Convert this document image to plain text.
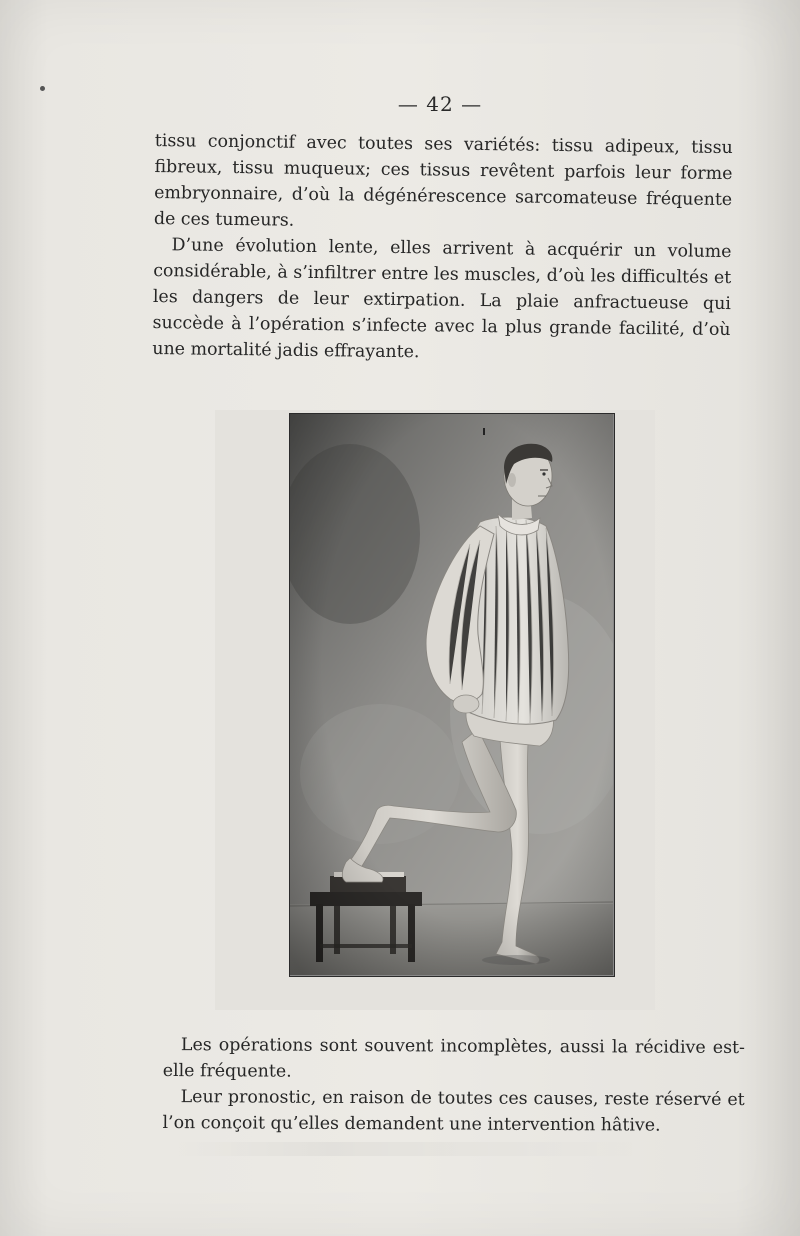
— 42 —

tissu conjonctif avec toutes ses variétés: tissu adipeux, tissu fibreux, tissu muqueux; ces tissus revêtent parfois leur forme embryonnaire, d’où la dégénérescence sarcomateuse fréquente de ces tumeurs.

D’une évolution lente, elles arrivent à acquérir un volume considérable, à s’infiltrer entre les muscles, d’où les difficultés et les dangers de leur extirpation. La plaie anfractueuse qui succède à l’opération s’infecte avec la plus grande facilité, d’où une mortalité jadis effrayante.

Les opérations sont souvent incomplètes, aussi la récidive est-elle fréquente.

Leur pronostic, en raison de toutes ces causes, reste réservé et l’on conçoit qu’elles demandent une intervention hâtive.
